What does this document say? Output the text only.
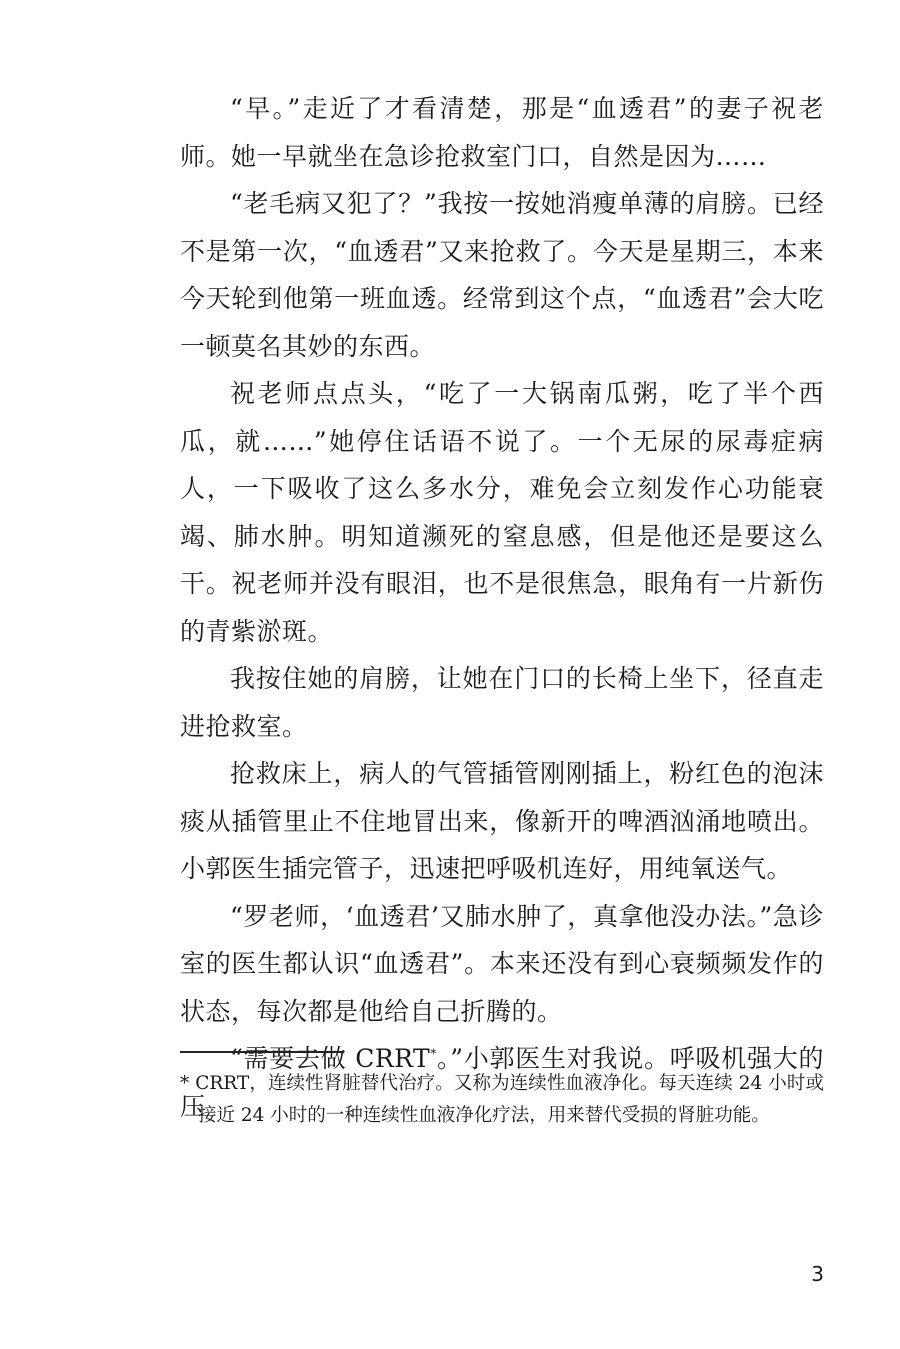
“早。”走近了才看清楚，那是“血透君”的妻子祝老师。她一早就坐在急诊抢救室门口，自然是因为……

“老毛病又犯了？”我按一按她消瘦单薄的肩膀。已经不是第一次，“血透君”又来抢救了。今天是星期三，本来今天轮到他第一班血透。经常到这个点，“血透君”会大吃一顿莫名其妙的东西。

祝老师点点头，“吃了一大锅南瓜粥，吃了半个西瓜，就……”她停住话语不说了。一个无尿的尿毒症病人，一下吸收了这么多水分，难免会立刻发作心功能衰竭、肺水肿。明知道濒死的窒息感，但是他还是要这么干。祝老师并没有眼泪，也不是很焦急，眼角有一片新伤的青紫淤斑。

我按住她的肩膀，让她在门口的长椅上坐下，径直走进抢救室。

抢救床上，病人的气管插管刚刚插上，粉红色的泡沫痰从插管里止不住地冒出来，像新开的啤酒汹涌地喷出。小郭医生插完管子，迅速把呼吸机连好，用纯氧送气。

“罗老师，‘血透君’又肺水肿了，真拿他没办法。”急诊室的医生都认识“血透君”。本来还没有到心衰频频发作的状态，每次都是他给自己折腾的。

“需要去做 CRRT*。”小郭医生对我说。呼吸机强大的压

* CRRT，连续性肾脏替代治疗。又称为连续性血液净化。每天连续 24 小时或接近 24 小时的一种连续性血液净化疗法，用来替代受损的肾脏功能。
3
